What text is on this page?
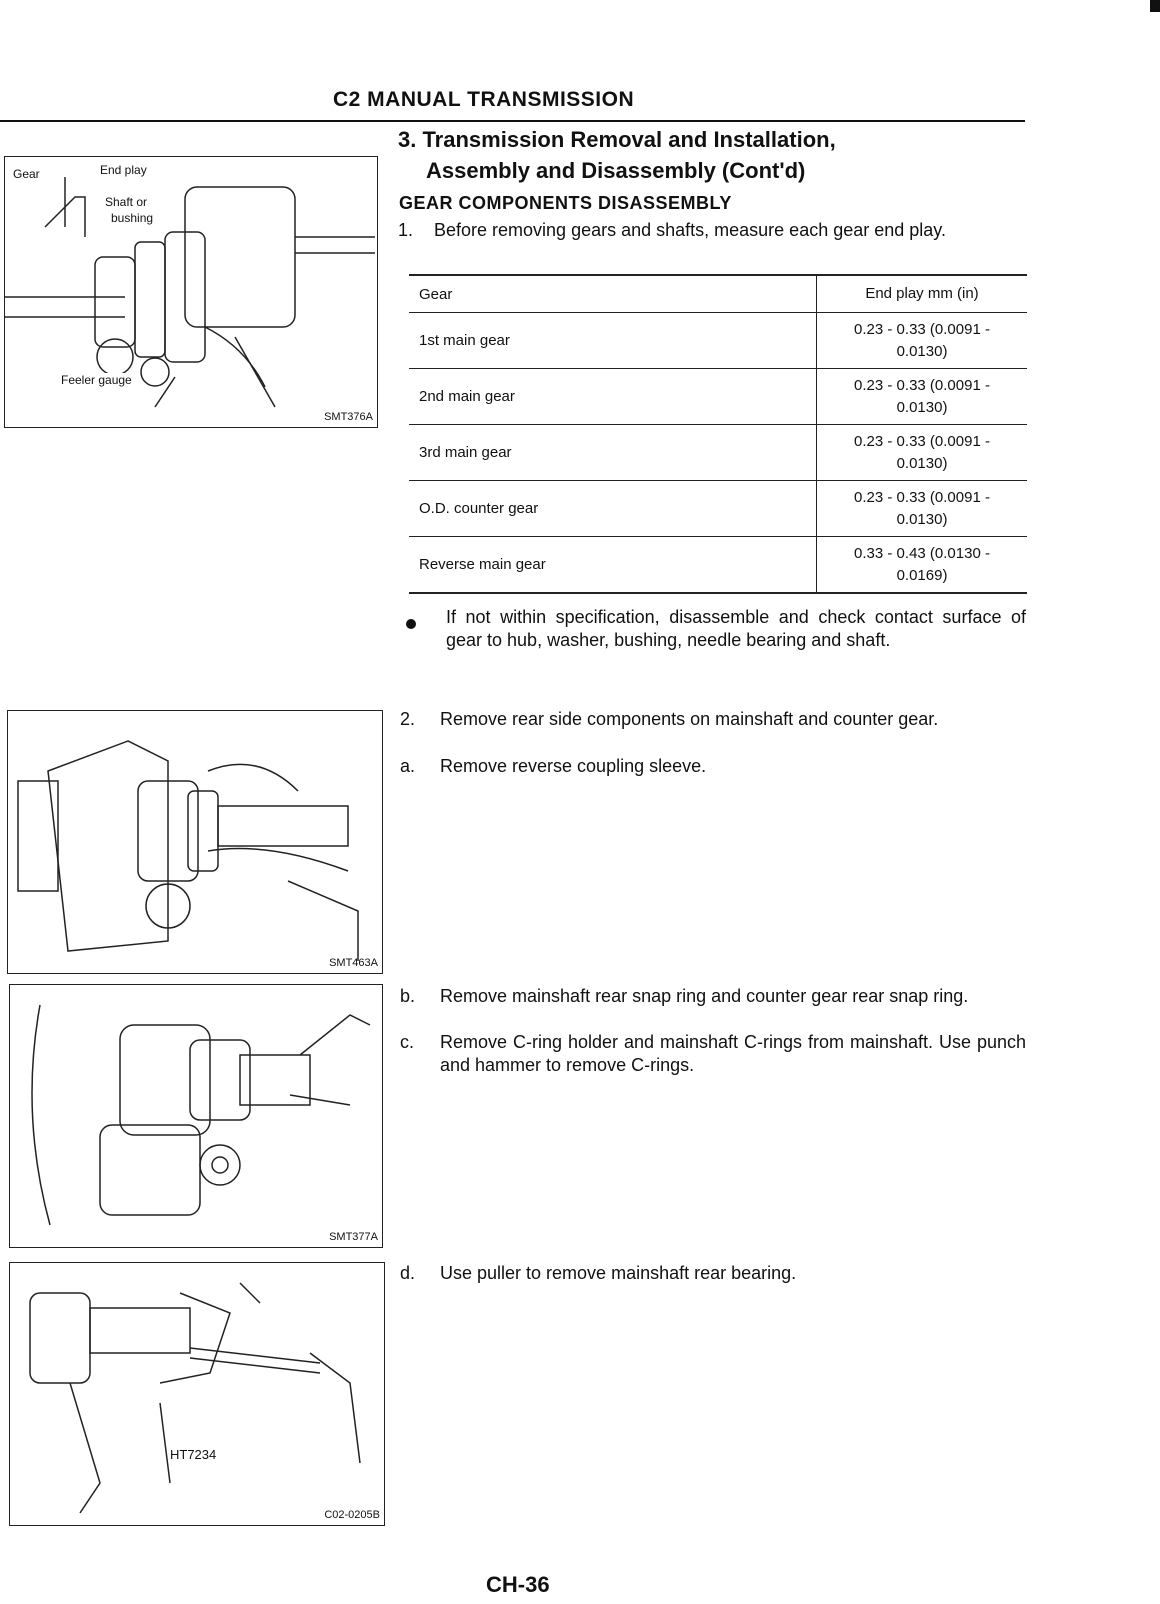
C2 MANUAL TRANSMISSION
3. Transmission Removal and Installation,
Assembly and Disassembly (Cont'd)
GEAR COMPONENTS DISASSEMBLY
1.	Before removing gears and shafts, measure each gear end play.
Gear	End play mm (in)
1st main gear	0.23 - 0.33 (0.0091 - 0.0130)
2nd main gear	0.23 - 0.33 (0.0091 - 0.0130)
3rd main gear	0.23 - 0.33 (0.0091 - 0.0130)
O.D. counter gear	0.23 - 0.33 (0.0091 - 0.0130)
Reverse main gear	0.33 - 0.43 (0.0130 - 0.0169)
If not within specification, disassemble and check contact surface of gear to hub, washer, bushing, needle bearing and shaft.
2.	Remove rear side components on mainshaft and counter gear.
a.	Remove reverse coupling sleeve.
b.	Remove mainshaft rear snap ring and counter gear rear snap ring.
c.	Remove C-ring holder and mainshaft C-rings from mainshaft. Use punch and hammer to remove C-rings.
d.	Use puller to remove mainshaft rear bearing.
Gear	End play
Shaft or
bushing
Feeler gauge
SMT376A
SMT463A
SMT377A
HT7234
C02-0205B
CH-36
